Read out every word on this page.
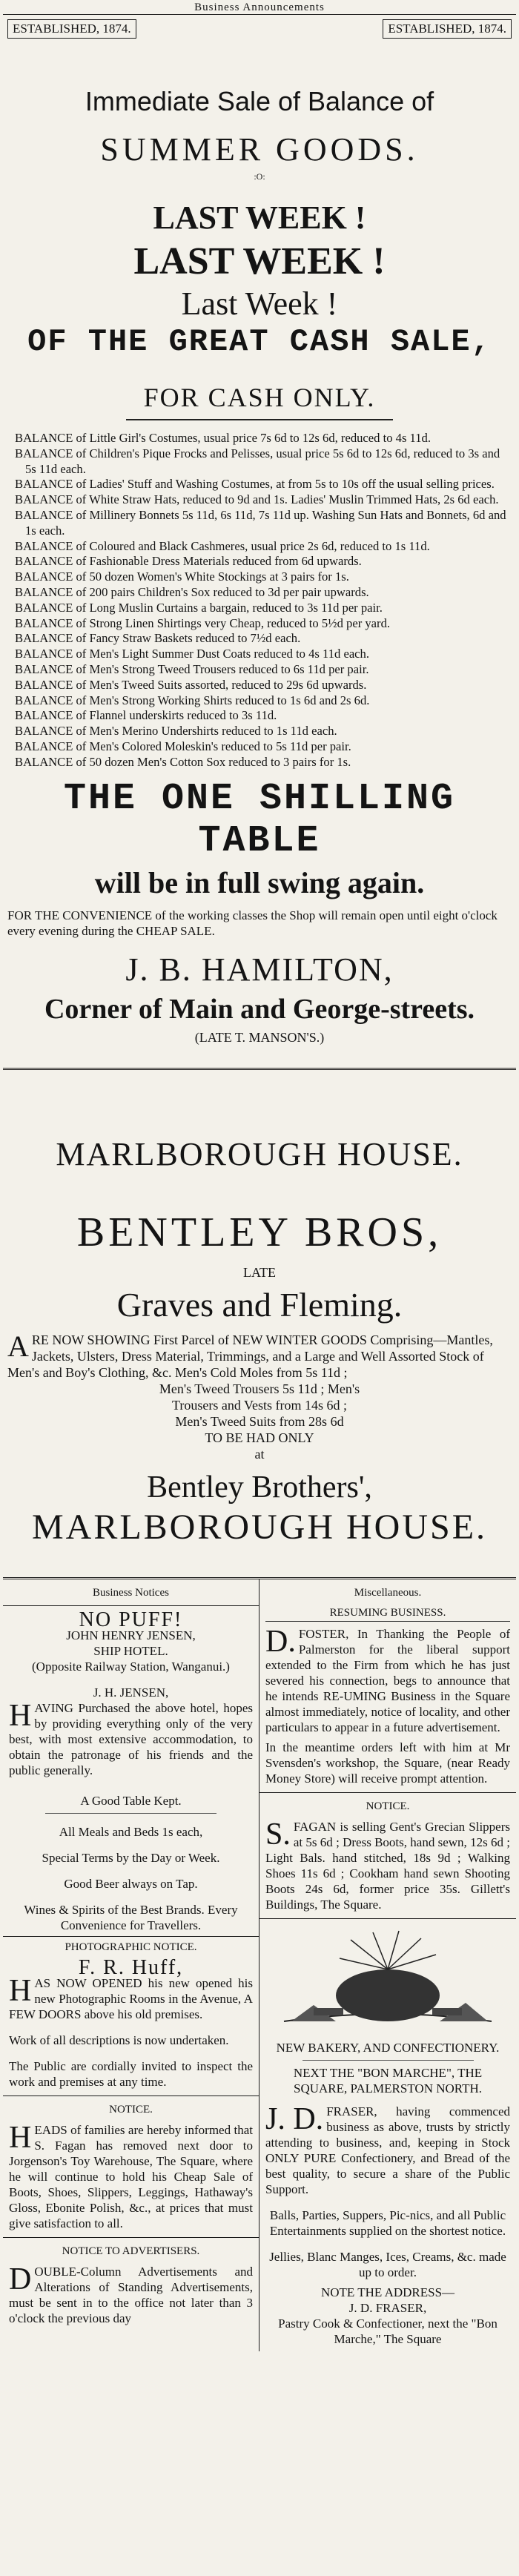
Business Announcements
ESTABLISHED, 1874.	ESTABLISHED, 1874.
Immediate Sale of Balance of
SUMMER GOODS.
:O:
LAST WEEK !
LAST WEEK !
Last Week !
OF THE GREAT CASH SALE,
FOR CASH ONLY.
BALANCE of Little Girl's Costumes, usual price 7s 6d to 12s 6d, reduced to 4s 11d.
BALANCE of Children's Pique Frocks and Pelisses, usual price 5s 6d to 12s 6d, reduced to 3s and 5s 11d each.
BALANCE of Ladies' Stuff and Washing Costumes, at from 5s to 10s off the usual selling prices.
BALANCE of White Straw Hats, reduced to 9d and 1s. Ladies' Muslin Trimmed Hats, 2s 6d each.
BALANCE of Millinery Bonnets 5s 11d, 6s 11d, 7s 11d up. Washing Sun Hats and Bonnets, 6d and 1s each.
BALANCE of Coloured and Black Cashmeres, usual price 2s 6d, reduced to 1s 11d.
BALANCE of Fashionable Dress Materials reduced from 6d upwards.
BALANCE of 50 dozen Women's White Stockings at 3 pairs for 1s.
BALANCE of 200 pairs Children's Sox reduced to 3d per pair upwards.
BALANCE of Long Muslin Curtains a bargain, reduced to 3s 11d per pair.
BALANCE of Strong Linen Shirtings very Cheap, reduced to 5½d per yard.
BALANCE of Fancy Straw Baskets reduced to 7½d each.
BALANCE of Men's Light Summer Dust Coats reduced to 4s 11d each.
BALANCE of Men's Strong Tweed Trousers reduced to 6s 11d per pair.
BALANCE of Men's Tweed Suits assorted, reduced to 29s 6d upwards.
BALANCE of Men's Strong Working Shirts reduced to 1s 6d and 2s 6d.
BALANCE of Flannel underskirts reduced to 3s 11d.
BALANCE of Men's Merino Undershirts reduced to 1s 11d each.
BALANCE of Men's Colored Moleskin's reduced to 5s 11d per pair.
BALANCE of 50 dozen Men's Cotton Sox reduced to 3 pairs for 1s.
THE ONE SHILLING TABLE
will be in full swing again.
FOR THE CONVENIENCE of the working classes the Shop will remain open until eight o'clock every evening during the CHEAP SALE.
J. B. HAMILTON,
Corner of Main and George-streets.
(LATE T. MANSON'S.)
MARLBOROUGH HOUSE.
BENTLEY BROS,
LATE
Graves and Fleming.
A RE NOW SHOWING First Parcel of NEW WINTER GOODS Comprising—Mantles, Jackets, Ulsters, Dress Material, Trimmings, and a Large and Well Assorted Stock of Men's and Boy's Clothing, &c. Men's Cold Moles from 5s 11d ;
Men's Tweed Trousers 5s 11d ; Men's
Trousers and Vests from 14s 6d ;
Men's Tweed Suits from 28s 6d
TO BE HAD ONLY
at
Bentley Brothers',
MARLBOROUGH HOUSE.
Business Notices
NO PUFF!
JOHN HENRY JENSEN,
SHIP HOTEL.
(Opposite Railway Station, Wanganui.)
J. H. JENSEN,
HAVING Purchased the above hotel, hopes by providing everything only of the very best, with most extensive accommodation, to obtain the patronage of his friends and the public generally.
A Good Table Kept.
All Meals and Beds 1s each,
Special Terms by the Day or Week.
Good Beer always on Tap.
Wines & Spirits of the Best Brands. Every Convenience for Travellers.
PHOTOGRAPHIC NOTICE.
F. R. Huff,
HAS NOW OPENED his new opened his new Photographic Rooms in the Avenue, A FEW DOORS above his old premises.
Work of all descriptions is now undertaken.
The Public are cordially invited to inspect the work and premises at any time.
NOTICE.
HEADS of families are hereby informed that S. Fagan has removed next door to Jorgenson's Toy Warehouse, The Square, where he will continue to hold his Cheap Sale of Boots, Shoes, Slippers, Leggings, Hathaway's Gloss, Ebonite Polish, &c., at prices that must give satisfaction to all.
NOTICE TO ADVERTISERS.
DOUBLE-Column Advertisements and Alterations of Standing Advertisements, must be sent in to the office not later than 3 o'clock the previous day
Miscellaneous.
RESUMING BUSINESS.
D. FOSTER, In Thanking the People of Palmerston for the liberal support extended to the Firm from which he has just severed his connection, begs to announce that he intends RE-UMING Business in the Square almost immediately, notice of locality, and other particulars to appear in a future advertisement.
In the meantime orders left with him at Mr Svensden's workshop, the Square, (near Ready Money Store) will receive prompt attention.
NOTICE.
S. FAGAN is selling Gent's Grecian Slippers at 5s 6d ; Dress Boots, hand sewn, 12s 6d ; Light Bals. hand stitched, 18s 9d ; Walking Shoes 11s 6d ; Cookham hand sewn Shooting Boots 24s 6d, former price 35s. Gillett's Buildings, The Square.
NEW BAKERY, AND CONFECTIONERY.
NEXT THE "BON MARCHE", THE SQUARE, PALMERSTON NORTH.
J. D. FRASER, having commenced business as above, trusts by strictly attending to business, and, keeping in Stock ONLY PURE Confectionery, and Bread of the best quality, to secure a share of the Public Support.
Balls, Parties, Suppers, Pic-nics, and all Public Entertainments supplied on the shortest notice.
Jellies, Blanc Manges, Ices, Creams, &c. made up to order.
NOTE THE ADDRESS—
J. D. FRASER,
Pastry Cook & Confectioner, next the "Bon Marche," The Square
